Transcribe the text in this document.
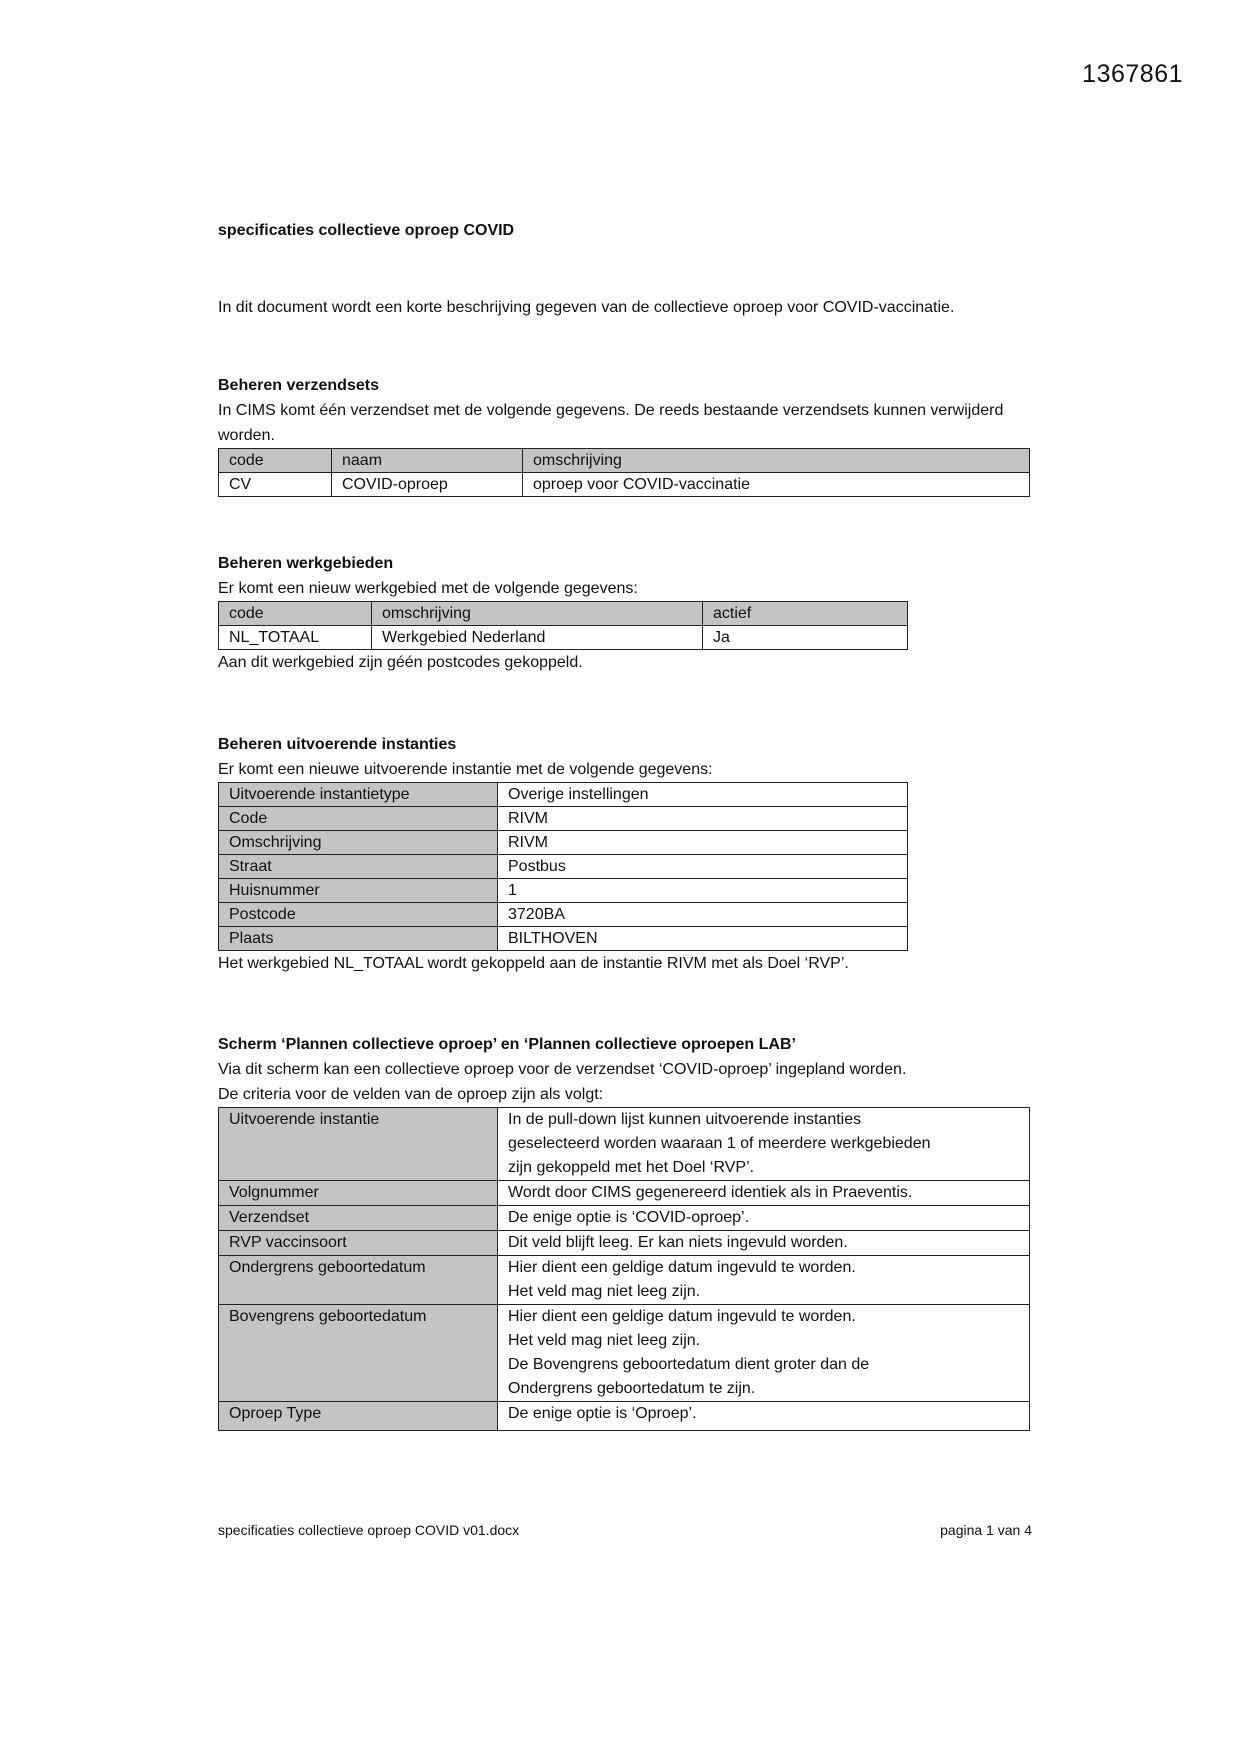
1367861

specificaties collectieve oproep COVID

In dit document wordt een korte beschrijving gegeven van de collectieve oproep voor COVID-vaccinatie.

Beheren verzendsets

In CIMS komt één verzendset met de volgende gegevens. De reeds bestaande verzendsets kunnen verwijderd worden.

code	naam	omschrijving
CV	COVID-oproep	oproep voor COVID-vaccinatie
Beheren werkgebieden

Er komt een nieuw werkgebied met de volgende gegevens:

code	omschrijving	actief
NL_TOTAAL	Werkgebied Nederland	Ja

Aan dit werkgebied zijn géén postcodes gekoppeld.

Beheren uitvoerende instanties

Er komt een nieuwe uitvoerende instantie met de volgende gegevens:

Uitvoerende instantietype	Overige instellingen
Code	RIVM
Omschrijving	RIVM
Straat	Postbus
Huisnummer	1
Postcode	3720BA
Plaats	BILTHOVEN

Het werkgebied NL_TOTAAL wordt gekoppeld aan de instantie RIVM met als Doel ‘RVP’.

Scherm ‘Plannen collectieve oproep’ en ‘Plannen collectieve oproepen LAB’

Via dit scherm kan een collectieve oproep voor de verzendset ‘COVID-oproep’ ingepland worden.

De criteria voor de velden van de oproep zijn als volgt:

Uitvoerende instantie	In de pull-down lijst kunnen uitvoerende instanties
geselecteerd worden waaraan 1 of meerdere werkgebieden
zijn gekoppeld met het Doel ‘RVP’.

Volgnummer	Wordt door CIMS gegenereerd identiek als in Praeventis.

Verzendset	De enige optie is ‘COVID-oproep’.

RVP vaccinsoort	Dit veld blijft leeg. Er kan niets ingevuld worden.

Ondergrens geboortedatum	Hier dient een geldige datum ingevuld te worden.
Het veld mag niet leeg zijn.

Bovengrens geboortedatum	Hier dient een geldige datum ingevuld te worden.
Het veld mag niet leeg zijn.
De Bovengrens geboortedatum dient groter dan de
Ondergrens geboortedatum te zijn.

Oproep Type	De enige optie is ‘Oproep’.
specificaties collectieve oproep COVID v01.docx	pagina 1 van 4
